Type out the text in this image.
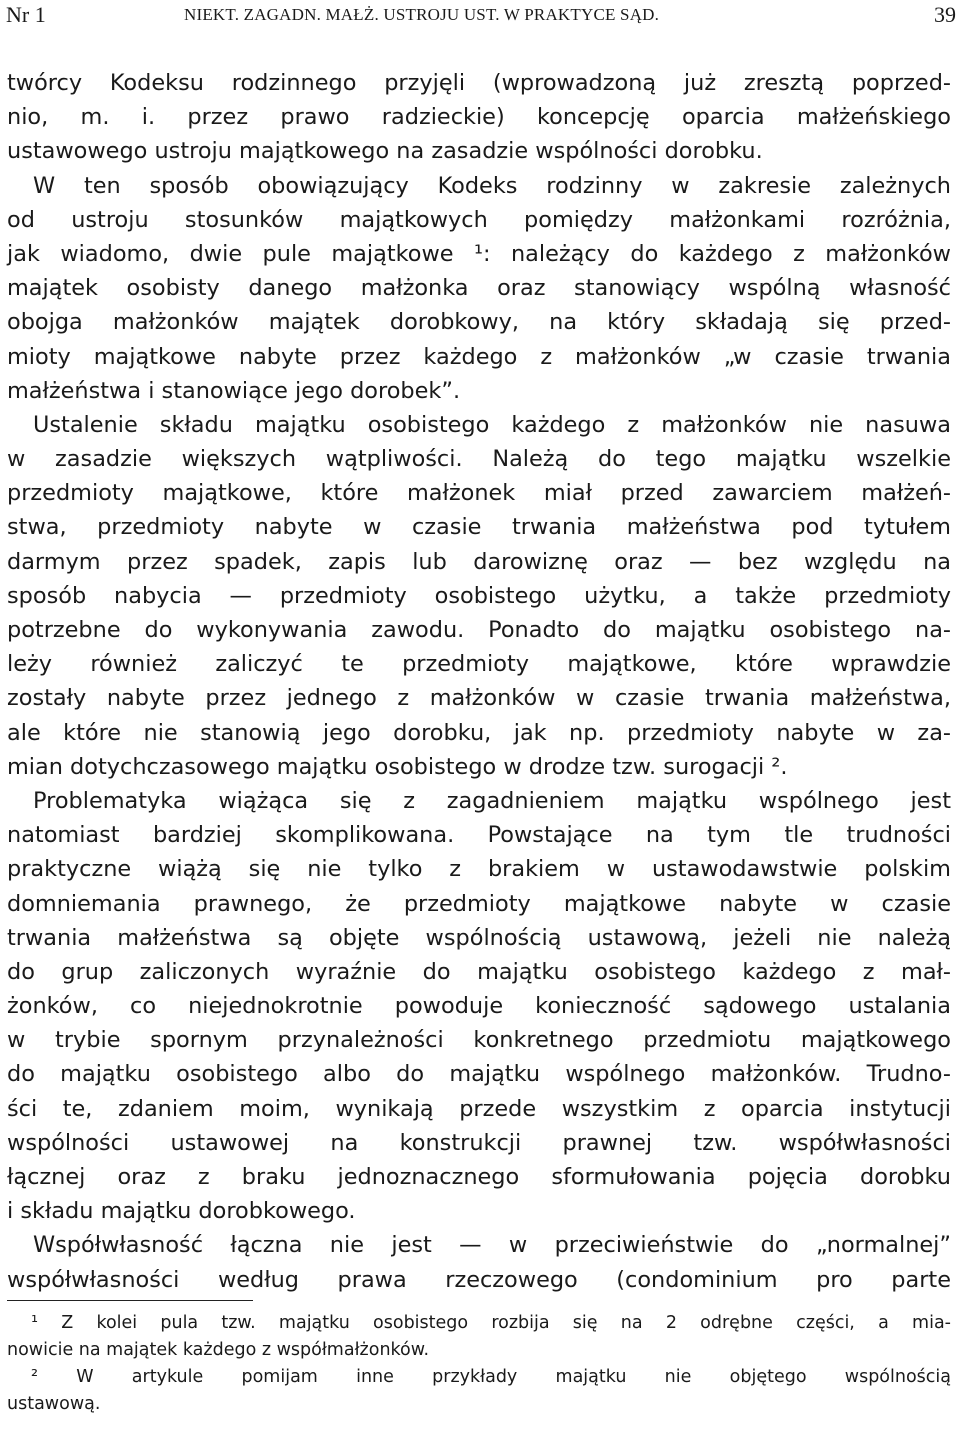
Nr 1	NIEKT. ZAGADN. MAŁŻ. USTROJU UST. W PRAKTYCE SĄD.	39
twórcy Kodeksu rodzinnego przyjęli (wprowadzoną już zresztą poprzed-
nio, m. i. przez prawo radzieckie) koncepcję oparcia małżeńskiego
ustawowego ustroju majątkowego na zasadzie wspólności dorobku.
W ten sposób obowiązujący Kodeks rodzinny w zakresie zależnych
od ustroju stosunków majątkowych pomiędzy małżonkami rozróżnia,
jak wiadomo, dwie pule majątkowe ¹: należący do każdego z małżonków
majątek osobisty danego małżonka oraz stanowiący wspólną własność
obojga małżonków majątek dorobkowy, na który składają się przed-
mioty majątkowe nabyte przez każdego z małżonków „w czasie trwania
małżeństwa i stanowiące jego dorobek”.
Ustalenie składu majątku osobistego każdego z małżonków nie nasuwa
w zasadzie większych wątpliwości. Należą do tego majątku wszelkie
przedmioty majątkowe, które małżonek miał przed zawarciem małżeń-
stwa, przedmioty nabyte w czasie trwania małżeństwa pod tytułem
darmym przez spadek, zapis lub darowiznę oraz — bez względu na
sposób nabycia — przedmioty osobistego użytku, a także przedmioty
potrzebne do wykonywania zawodu. Ponadto do majątku osobistego na-
leży również zaliczyć te przedmioty majątkowe, które wprawdzie
zostały nabyte przez jednego z małżonków w czasie trwania małżeństwa,
ale które nie stanowią jego dorobku, jak np. przedmioty nabyte w za-
mian dotychczasowego majątku osobistego w drodze tzw. surogacji ².
Problematyka wiążąca się z zagadnieniem majątku wspólnego jest
natomiast bardziej skomplikowana. Powstające na tym tle trudności
praktyczne wiążą się nie tylko z brakiem w ustawodawstwie polskim
domniemania prawnego, że przedmioty majątkowe nabyte w czasie
trwania małżeństwa są objęte wspólnością ustawową, jeżeli nie należą
do grup zaliczonych wyraźnie do majątku osobistego każdego z mał-
żonków, co niejednokrotnie powoduje konieczność sądowego ustalania
w trybie spornym przynależności konkretnego przedmiotu majątkowego
do majątku osobistego albo do majątku wspólnego małżonków. Trudno-
ści te, zdaniem moim, wynikają przede wszystkim z oparcia instytucji
wspólności ustawowej na konstrukcji prawnej tzw. współwłasności
łącznej oraz z braku jednoznacznego sformułowania pojęcia dorobku
i składu majątku dorobkowego.
Współwłasność łączna nie jest — w przeciwieństwie do „normalnej”
współwłasności według prawa rzeczowego (condominium pro parte
¹ Z kolei pula tzw. majątku osobistego rozbija się na 2 odrębne części, a mia-
nowicie na majątek każdego z współmałżonków.
² W artykule pomijam inne przykłady majątku nie objętego wspólnością
ustawową.
